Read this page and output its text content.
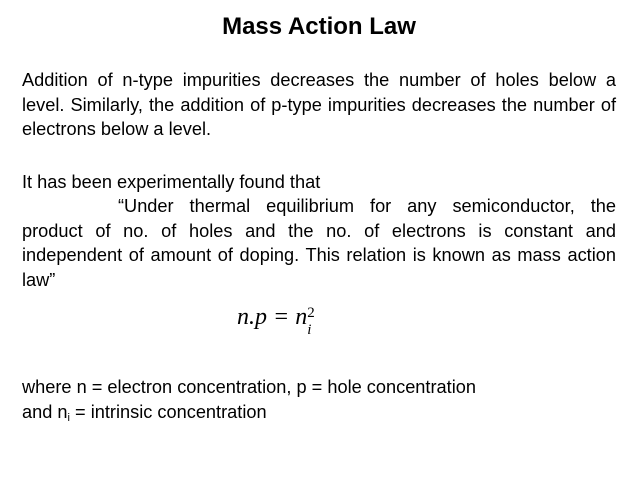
Mass Action Law
Addition of n-type impurities decreases the number of holes below a level. Similarly, the addition of p-type impurities decreases the number of electrons below a level.
It has been experimentally found that
“Under thermal equilibrium for any semiconductor, the product of no. of holes and the no. of electrons is constant and independent of amount of doping. This relation is known as mass action law”
n.p = n 2
i
where n = electron concentration, p = hole concentration
and ni = intrinsic concentration
